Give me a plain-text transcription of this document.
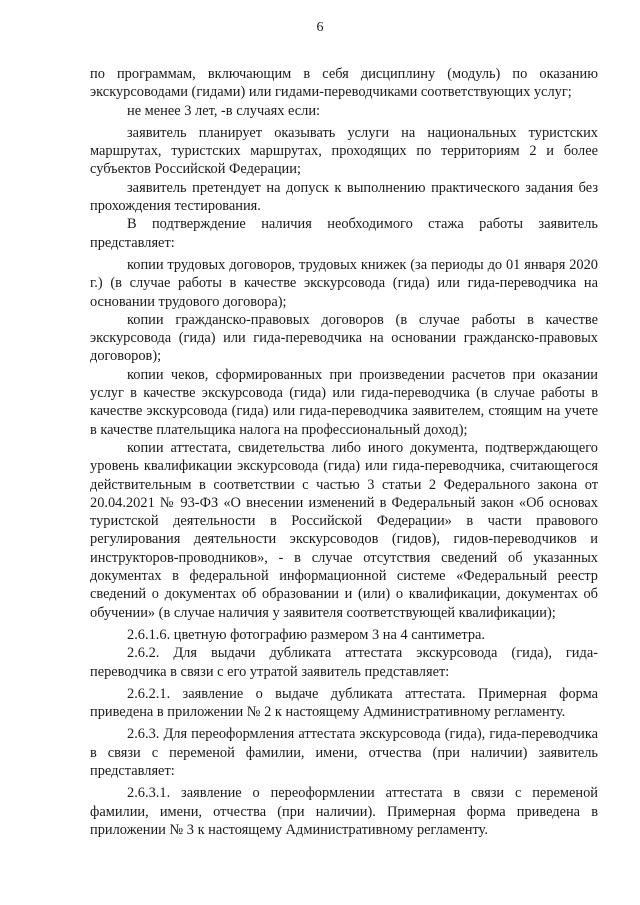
6

по программам, включающим в себя дисциплину (модуль) по оказанию экскурсоводами (гидами) или гидами-переводчиками соответствующих услуг;

не менее 3 лет, -в случаях если:

заявитель планирует оказывать услуги на национальных туристских маршрутах, туристских маршрутах, проходящих по территориям 2 и более субъектов Российской Федерации;

заявитель претендует на допуск к выполнению практического задания без прохождения тестирования.

В подтверждение наличия необходимого стажа работы заявитель представляет:

копии трудовых договоров, трудовых книжек (за периоды до 01 января 2020 г.) (в случае работы в качестве экскурсовода (гида) или гида-переводчика на основании трудового договора);

копии гражданско-правовых договоров (в случае работы в качестве экскурсовода (гида) или гида-переводчика на основании гражданско-правовых договоров);

копии чеков, сформированных при произведении расчетов при оказании услуг в качестве экскурсовода (гида) или гида-переводчика (в случае работы в качестве экскурсовода (гида) или гида-переводчика заявителем, стоящим на учете в качестве плательщика налога на профессиональный доход);

копии аттестата, свидетельства либо иного документа, подтверждающего уровень квалификации экскурсовода (гида) или гида-переводчика, считающегося действительным в соответствии с частью 3 статьи 2 Федерального закона от 20.04.2021 № 93-ФЗ «О внесении изменений в Федеральный закон «Об основах туристской деятельности в Российской Федерации» в части правового регулирования деятельности экскурсоводов (гидов), гидов-переводчиков и инструкторов-проводников», - в случае отсутствия сведений об указанных документах в федеральной информационной системе «Федеральный реестр сведений о документах об образовании и (или) о квалификации, документах об обучении» (в случае наличия у заявителя соответствующей квалификации);

2.6.1.6. цветную фотографию размером 3 на 4 сантиметра.

2.6.2. Для выдачи дубликата аттестата экскурсовода (гида), гида-переводчика в связи с его утратой заявитель представляет:

2.6.2.1. заявление о выдаче дубликата аттестата. Примерная форма приведена в приложении № 2 к настоящему Административному регламенту.

2.6.3. Для переоформления аттестата экскурсовода (гида), гида-переводчика в связи с переменой фамилии, имени, отчества (при наличии) заявитель представляет:

2.6.3.1. заявление о переоформлении аттестата в связи с переменой фамилии, имени, отчества (при наличии). Примерная форма приведена в приложении № 3 к настоящему Административному регламенту.
